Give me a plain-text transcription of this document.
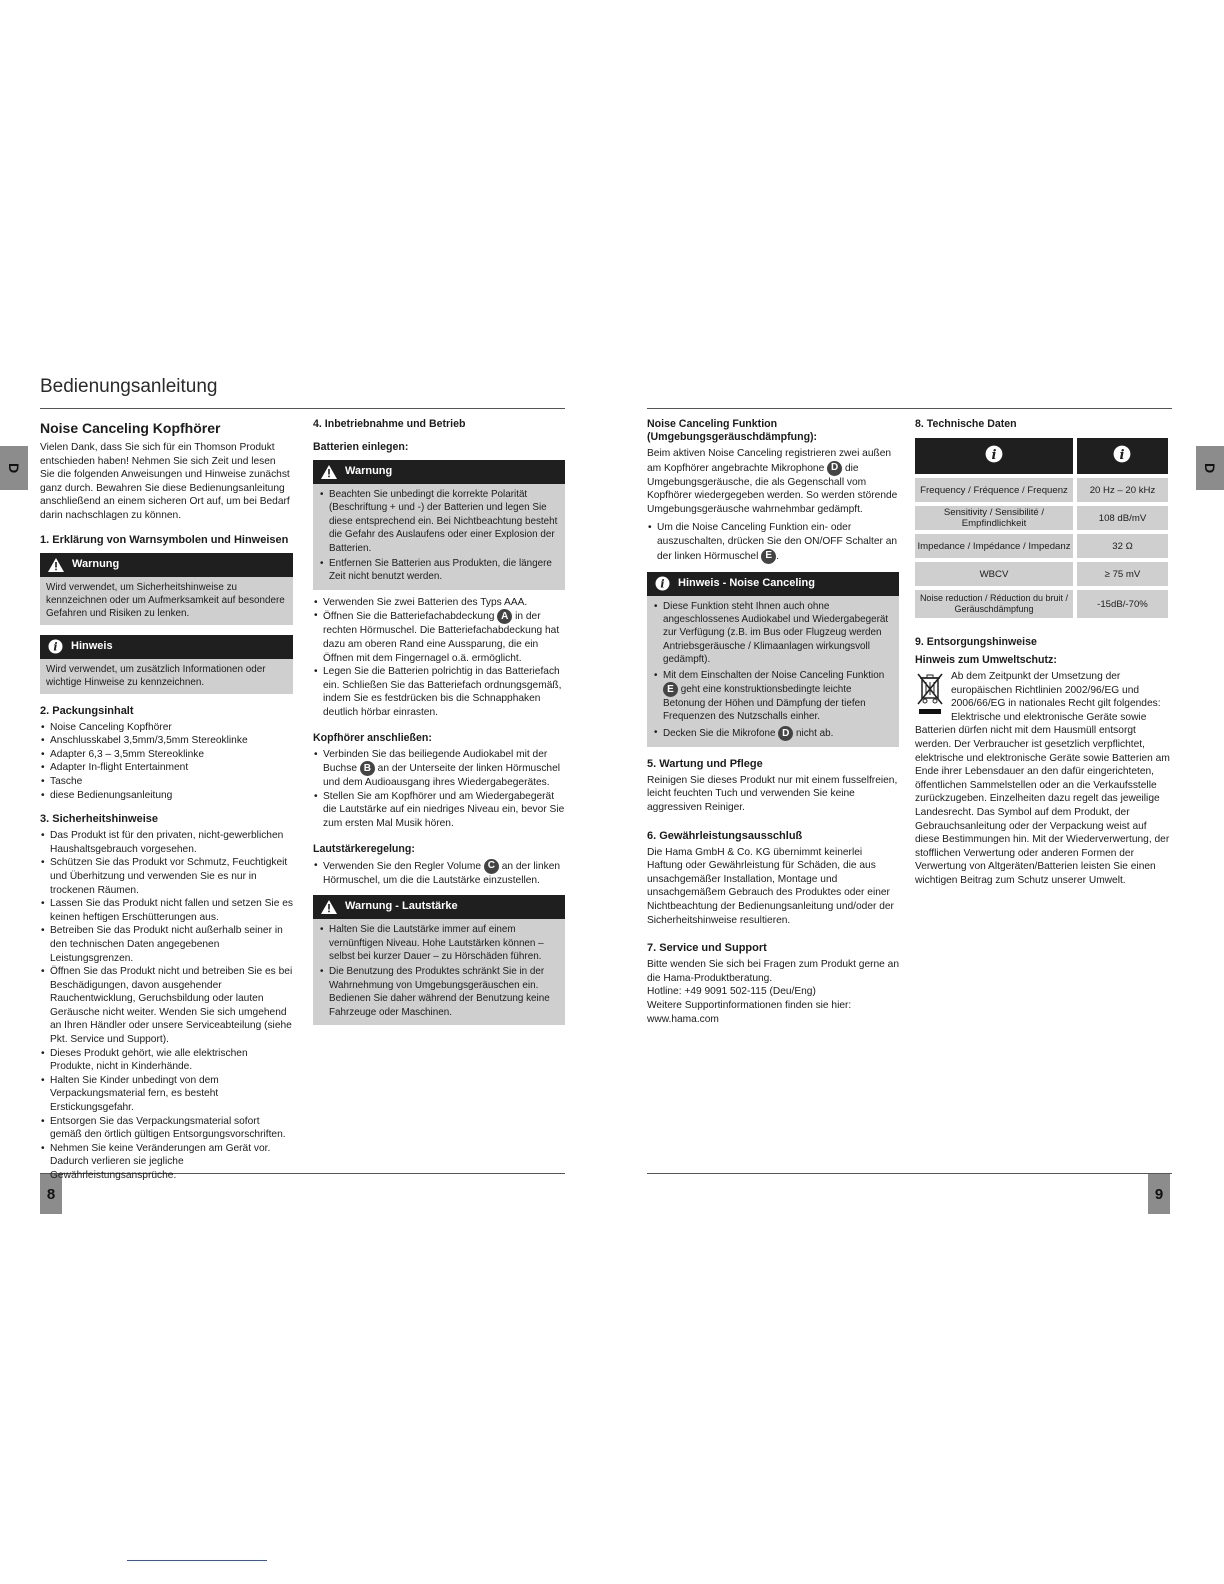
Bedienungsanleitung
D	D
8	9
Noise Canceling Kopfhörer

Vielen Dank, dass Sie sich für ein Thomson Produkt entschieden haben! Nehmen Sie sich Zeit und lesen Sie die folgenden Anweisungen und Hinweise zunächst ganz durch. Bewahren Sie diese Bedienungsanleitung anschließend an einem sicheren Ort auf, um bei Bedarf darin nachschlagen zu können.

1. Erklärung von Warnsymbolen und Hinweisen
Warnung
Wird verwendet, um Sicherheitshinweise zu kennzeichnen oder um Aufmerksamkeit auf besondere Gefahren und Risiken zu lenken.
i Hinweis
Wird verwendet, um zusätzlich Informationen oder wichtige Hinweise zu kennzeichnen.
2. Packungsinhalt
• Noise Canceling Kopfhörer
• Anschlusskabel 3,5mm/3,5mm Stereoklinke
• Adapter 6,3 – 3,5mm Stereoklinke
• Adapter In-flight Entertainment
• Tasche
• diese Bedienungsanleitung
3. Sicherheitshinweise
• Das Produkt ist für den privaten, nicht-gewerblichen Haushaltsgebrauch vorgesehen.
• Schützen Sie das Produkt vor Schmutz, Feuchtigkeit und Überhitzung und verwenden Sie es nur in trockenen Räumen.
• Lassen Sie das Produkt nicht fallen und setzen Sie es keinen heftigen Erschütterungen aus.
• Betreiben Sie das Produkt nicht außerhalb seiner in den technischen Daten angegebenen Leistungsgrenzen.
• Öffnen Sie das Produkt nicht und betreiben Sie es bei Beschädigungen, davon ausgehender Rauchentwicklung, Geruchsbildung oder lauten Geräusche nicht weiter. Wenden Sie sich umgehend an Ihren Händler oder unsere Serviceabteilung (siehe Pkt. Service und Support).
• Dieses Produkt gehört, wie alle elektrischen Produkte, nicht in Kinderhände.
• Halten Sie Kinder unbedingt von dem Verpackungsmaterial fern, es besteht Erstickungsgefahr.
• Entsorgen Sie das Verpackungsmaterial sofort gemäß den örtlich gültigen Entsorgungsvorschriften.
• Nehmen Sie keine Veränderungen am Gerät vor. Dadurch verlieren sie jegliche Gewährleistungsansprüche.
4. Inbetriebnahme und Betrieb
Batterien einlegen:
Warnung
• Beachten Sie unbedingt die korrekte Polarität (Beschriftung + und -) der Batterien und legen Sie diese entsprechend ein. Bei Nichtbeachtung besteht die Gefahr des Auslaufens oder einer Explosion der Batterien.
• Entfernen Sie Batterien aus Produkten, die längere Zeit nicht benutzt werden.
• Verwenden Sie zwei Batterien des Typs AAA.
• Öffnen Sie die Batteriefachabdeckung A in der rechten Hörmuschel. Die Batteriefachabdeckung hat dazu am oberen Rand eine Aussparung, die ein Öffnen mit dem Fingernagel o.ä. ermöglicht.
• Legen Sie die Batterien polrichtig in das Batteriefach ein. Schließen Sie das Batteriefach ordnungsgemäß, indem Sie es festdrücken bis die Schnapphaken deutlich hörbar einrasten.
Kopfhörer anschließen:
• Verbinden Sie das beiliegende Audiokabel mit der Buchse B an der Unterseite der linken Hörmuschel und dem Audioausgang ihres Wiedergabegerätes.
• Stellen Sie am Kopfhörer und am Wiedergabegerät die Lautstärke auf ein niedriges Niveau ein, bevor Sie zum ersten Mal Musik hören.
Lautstärkeregelung:
• Verwenden Sie den Regler Volume C an der linken Hörmuschel, um die die Lautstärke einzustellen.
Warnung - Lautstärke
• Halten Sie die Lautstärke immer auf einem vernünftigen Niveau. Hohe Lautstärken können – selbst bei kurzer Dauer – zu Hörschäden führen.
• Die Benutzung des Produktes schränkt Sie in der Wahrnehmung von Umgebungsgeräuschen ein. Bedienen Sie daher während der Benutzung keine Fahrzeuge oder Maschinen.
Noise Canceling Funktion (Umgebungsgeräuschdämpfung):

Beim aktiven Noise Canceling registrieren zwei außen am Kopfhörer angebrachte Mikrophone D die Umgebungsgeräusche, die als Gegenschall vom Kopfhörer wiedergegeben werden. So werden störende Umgebungsgeräusche wahrnehmbar gedämpft.

• Um die Noise Canceling Funktion ein- oder auszuschalten, drücken Sie den ON/OFF Schalter an der linken Hörmuschel E .
i Hinweis - Noise Canceling
• Diese Funktion steht Ihnen auch ohne angeschlossenes Audiokabel und Wiedergabegerät zur Verfügung (z.B. im Bus oder Flugzeug werden Antriebsgeräusche / Klimaanlagen wirkungsvoll gedämpft).
• Mit dem Einschalten der Noise Canceling Funktion E geht eine konstruktionsbedingte leichte Betonung der Höhen und Dämpfung der tiefen Frequenzen des Nutzschalls einher.
• Decken Sie die Mikrofone D nicht ab.
5. Wartung und Pflege

Reinigen Sie dieses Produkt nur mit einem fusselfreien, leicht feuchten Tuch und verwenden Sie keine aggressiven Reiniger.

6. Gewährleistungsausschluß

Die Hama GmbH & Co. KG übernimmt keinerlei Haftung oder Gewährleistung für Schäden, die aus unsachgemäßer Installation, Montage und unsachgemäßem Gebrauch des Produktes oder einer Nichtbeachtung der Bedienungsanleitung und/oder der Sicherheitshinweise resultieren.

7. Service und Support

Bitte wenden Sie sich bei Fragen zum Produkt gerne an die Hama-Produktberatung.

Hotline: +49 9091 502-115 (Deu/Eng)

Weitere Supportinformationen finden sie hier:

www.hama.com

8. Technische Daten
i	i

Frequency / Fréquence / Frequenz	20 Hz – 20 kHz
Sensitivity / Sensibilité / Empfindlichkeit	108 dB/mV
Impedance / Impédance / Impedanz	32 Ω
WBCV	≥ 75 mV
Noise reduction / Réduction du bruit / Geräuschdämpfung	-15dB/-70%
9. Entsorgungshinweise
Hinweis zum Umweltschutz:

Ab dem Zeitpunkt der Umsetzung der europäischen Richtlinien 2002/96/EG und 2006/66/EG in nationales Recht gilt folgendes: Elektrische und elektronische Geräte sowie Batterien dürfen nicht mit dem Hausmüll entsorgt werden. Der Verbraucher ist gesetzlich verpflichtet, elektrische und elektronische Geräte sowie Batterien am Ende ihrer Lebensdauer an den dafür eingerichteten, öffentlichen Sammelstellen oder an die Verkaufsstelle zurückzugeben. Einzelheiten dazu regelt das jeweilige Landesrecht. Das Symbol auf dem Produkt, der Gebrauchsanleitung oder der Verpackung weist auf diese Bestimmungen hin. Mit der Wiederverwertung, der stofflichen Verwertung oder anderen Formen der Verwertung von Altgeräten/Batterien leisten Sie einen wichtigen Beitrag zum Schutz unserer Umwelt.
